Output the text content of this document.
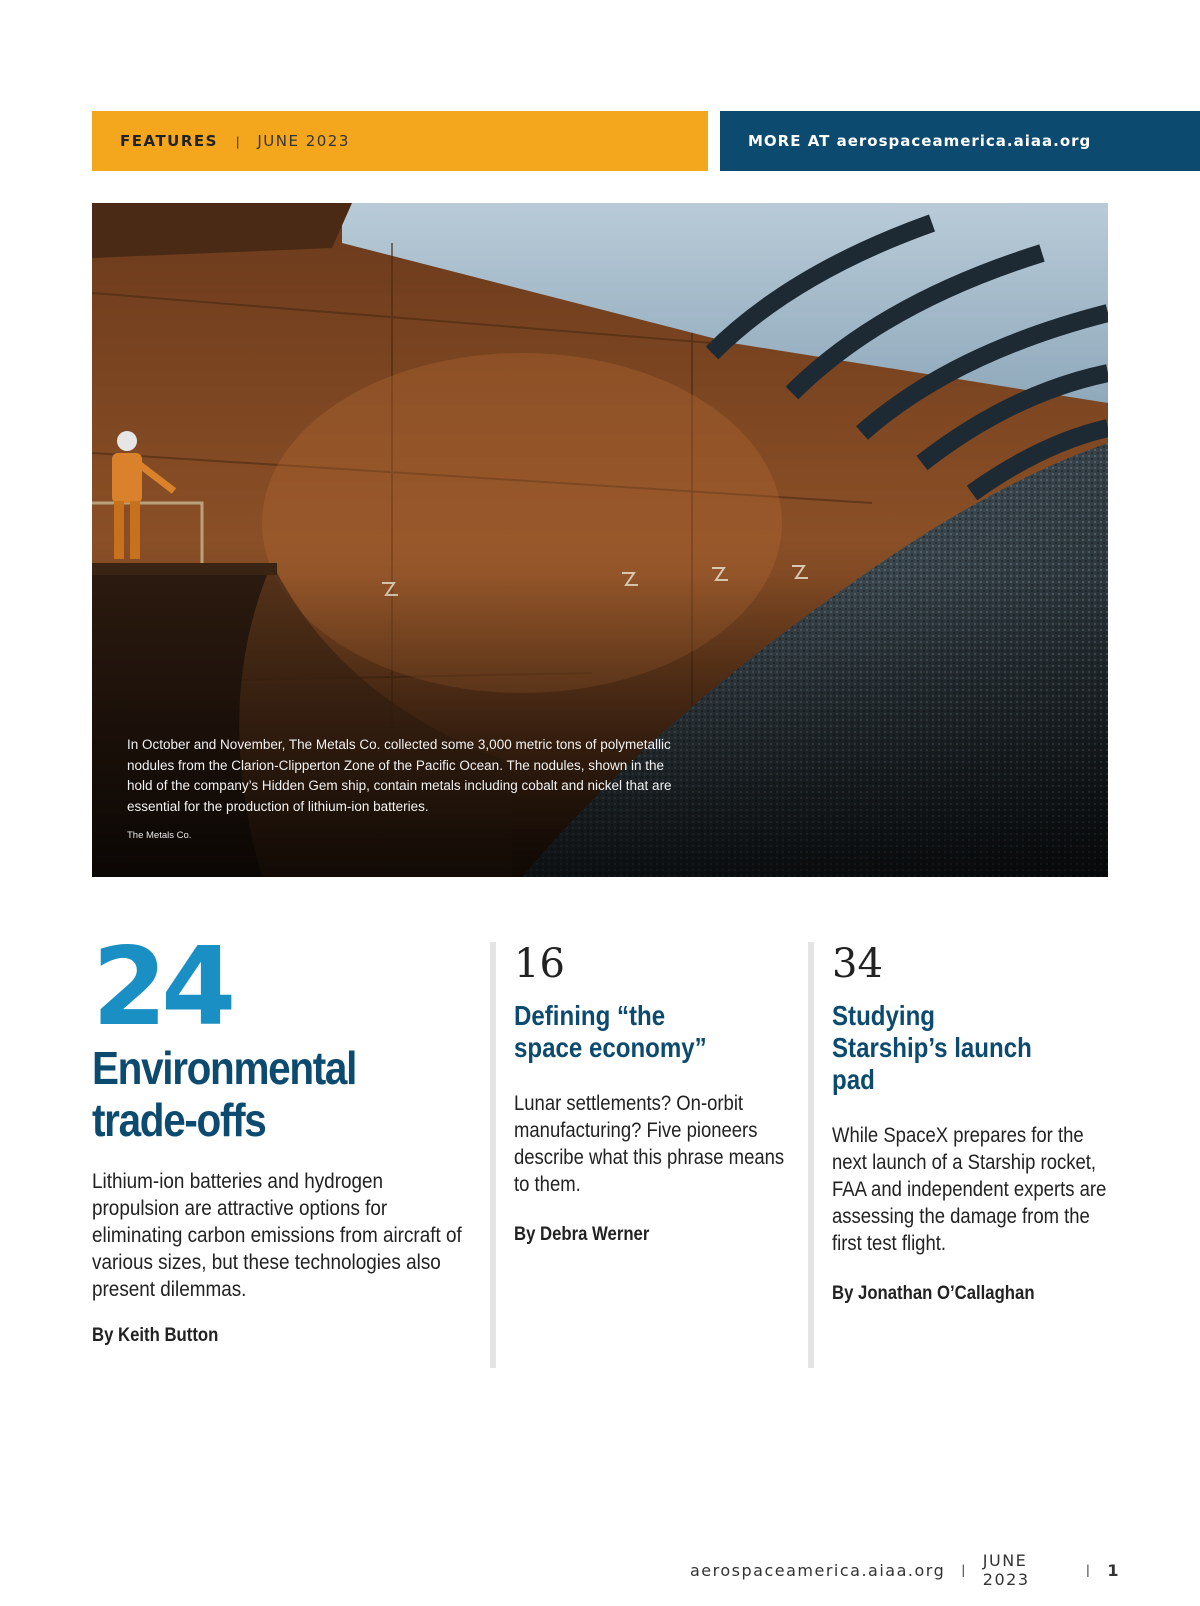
FEATURES | JUNE 2023	MORE AT aerospaceamerica.aiaa.org
In October and November, The Metals Co. collected some 3,000 metric tons of polymetallic nodules from the Clarion-Clipperton Zone of the Pacific Ocean. The nodules, shown in the hold of the company’s Hidden Gem ship, contain metals including cobalt and nickel that are essential for the production of lithium-ion batteries.
The Metals Co.
24
Environmental trade-offs
Lithium-ion batteries and hydrogen propulsion are attractive options for eliminating carbon emissions from aircraft of various sizes, but these technologies also present dilemmas.
By Keith Button
16
Defining “the space economy”
Lunar settlements? On-orbit manufacturing? Five pioneers describe what this phrase means to them.
By Debra Werner
34
Studying Starship’s launch pad
While SpaceX prepares for the next launch of a Starship rocket, FAA and independent experts are assessing the damage from the first test flight.
By Jonathan O’Callaghan
aerospaceamerica.aiaa.org | JUNE 2023	| 1
